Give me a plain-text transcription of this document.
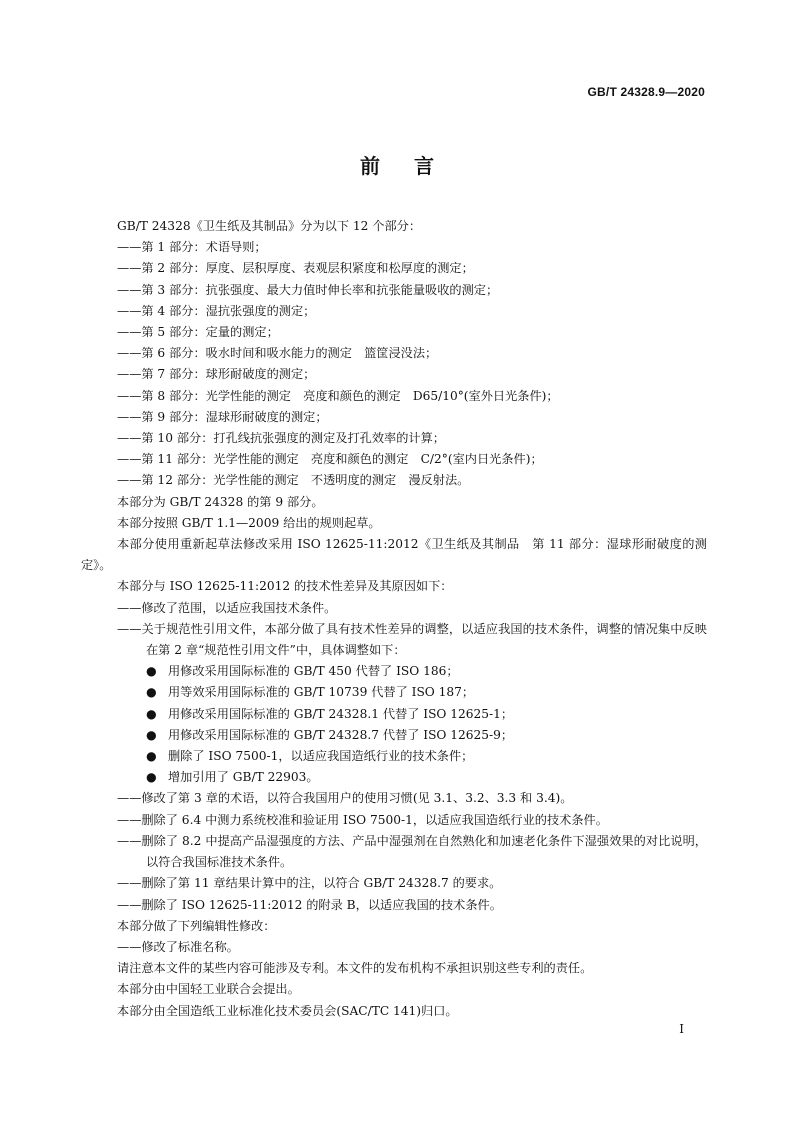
GB/T 24328.9—2020
前言

GB/T 24328《卫生纸及其制品》分为以下 12 个部分：

——第 1 部分：术语导则；

——第 2 部分：厚度、层积厚度、表观层积紧度和松厚度的测定；

——第 3 部分：抗张强度、最大力值时伸长率和抗张能量吸收的测定；

——第 4 部分：湿抗张强度的测定；

——第 5 部分：定量的测定；

——第 6 部分：吸水时间和吸水能力的测定　篮筐浸没法；

——第 7 部分：球形耐破度的测定；

——第 8 部分：光学性能的测定　亮度和颜色的测定　D65/10°(室外日光条件)；

——第 9 部分：湿球形耐破度的测定；

——第 10 部分：打孔线抗张强度的测定及打孔效率的计算；

——第 11 部分：光学性能的测定　亮度和颜色的测定　C/2°(室内日光条件)；

——第 12 部分：光学性能的测定　不透明度的测定　漫反射法。

本部分为 GB/T 24328 的第 9 部分。

本部分按照 GB/T 1.1—2009 给出的规则起草。

本部分使用重新起草法修改采用 ISO 12625-11:2012《卫生纸及其制品　第 11 部分：湿球形耐破度的测定》。

本部分与 ISO 12625-11:2012 的技术性差异及其原因如下：

——修改了范围，以适应我国技术条件。

——关于规范性引用文件，本部分做了具有技术性差异的调整，以适应我国的技术条件，调整的情况集中反映在第 2 章“规范性引用文件”中，具体调整如下：

● 用修改采用国际标准的 GB/T 450 代替了 ISO 186；

● 用等效采用国际标准的 GB/T 10739 代替了 ISO 187；

● 用修改采用国际标准的 GB/T 24328.1 代替了 ISO 12625-1；

● 用修改采用国际标准的 GB/T 24328.7 代替了 ISO 12625-9；

● 删除了 ISO 7500-1，以适应我国造纸行业的技术条件；

● 增加引用了 GB/T 22903。

——修改了第 3 章的术语，以符合我国用户的使用习惯(见 3.1、3.2、3.3 和 3.4)。

——删除了 6.4 中测力系统校准和验证用 ISO 7500-1，以适应我国造纸行业的技术条件。

——删除了 8.2 中提高产品湿强度的方法、产品中湿强剂在自然熟化和加速老化条件下湿强效果的对比说明，以符合我国标准技术条件。

——删除了第 11 章结果计算中的注，以符合 GB/T 24328.7 的要求。

——删除了 ISO 12625-11:2012 的附录 B，以适应我国的技术条件。

本部分做了下列编辑性修改：

——修改了标准名称。

请注意本文件的某些内容可能涉及专利。本文件的发布机构不承担识别这些专利的责任。

本部分由中国轻工业联合会提出。

本部分由全国造纸工业标准化技术委员会(SAC/TC 141)归口。

I
